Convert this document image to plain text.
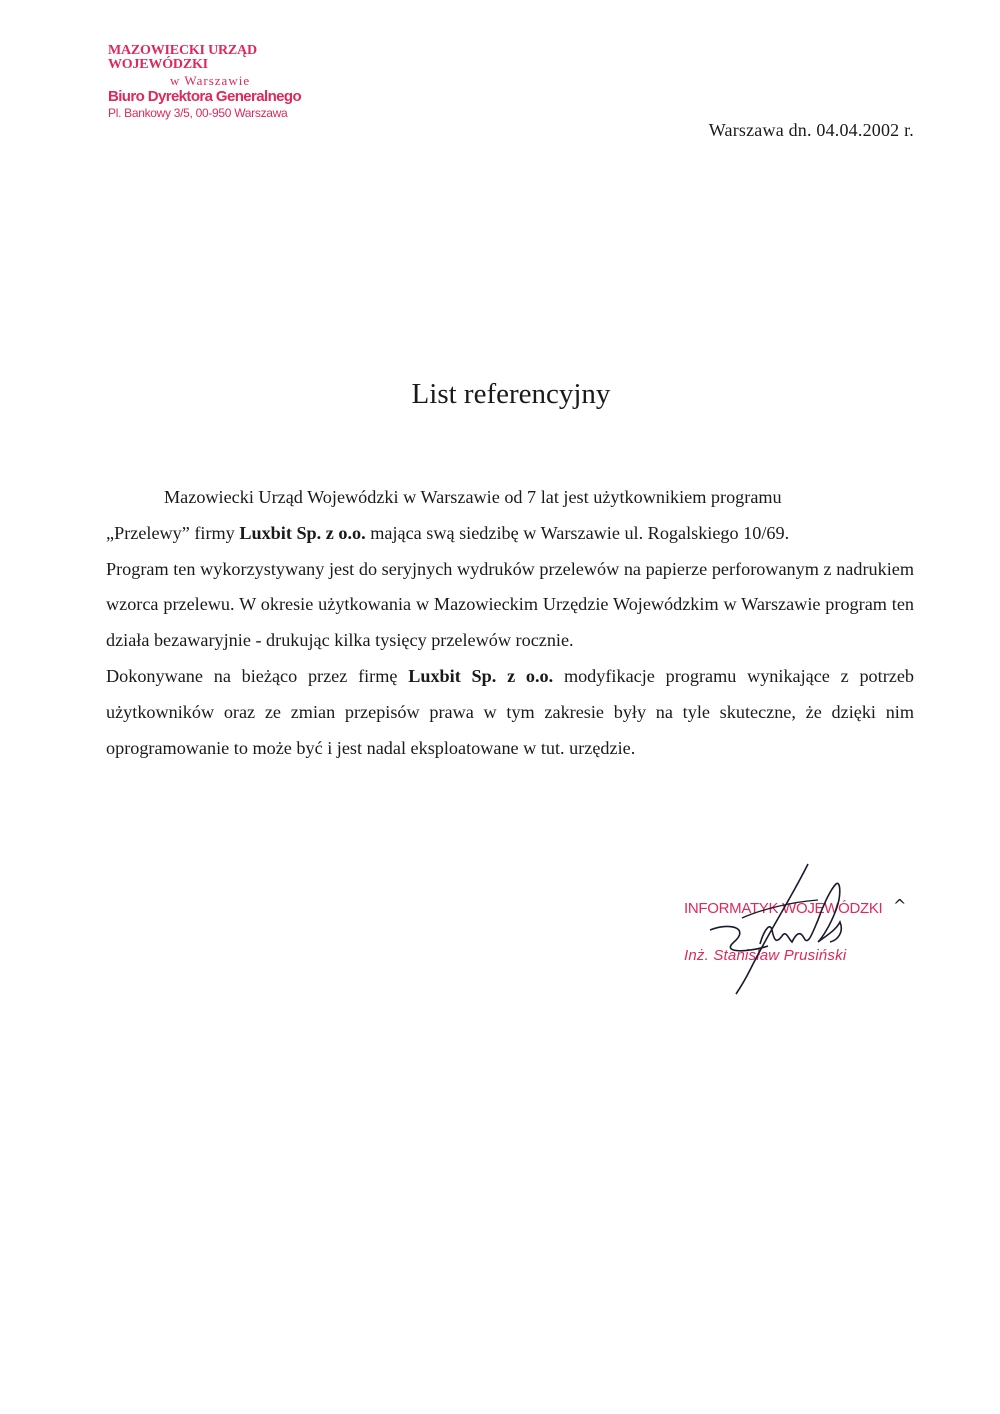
MAZOWIECKI URZĄD WOJEWÓDZKI
w Warszawie
Biuro Dyrektora Generalnego
Pl. Bankowy 3/5, 00-950 Warszawa
Warszawa dn. 04.04.2002 r.
List referencyjny

Mazowiecki Urząd Wojewódzki w Warszawie od 7 lat jest użytkownikiem programu
„Przelewy” firmy Luxbit Sp. z o.o. mająca swą siedzibę w Warszawie ul. Rogalskiego 10/69.

Program ten wykorzystywany jest do seryjnych wydruków przelewów na papierze perforowanym z nadrukiem wzorca przelewu. W okresie użytkowania w Mazowieckim Urzędzie Wojewódzkim w Warszawie program ten działa bezawaryjnie - drukując kilka tysięcy przelewów rocznie.

Dokonywane na bieżąco przez firmę Luxbit Sp. z o.o. modyfikacje programu wynikające z potrzeb użytkowników oraz ze zmian przepisów prawa w tym zakresie były na tyle skuteczne, że dzięki nim oprogramowanie to może być i jest nadal eksploatowane w tut. urzędzie.

INFORMATYK WOJEWÓDZKI
Inż. Stanisław Prusiński
^
